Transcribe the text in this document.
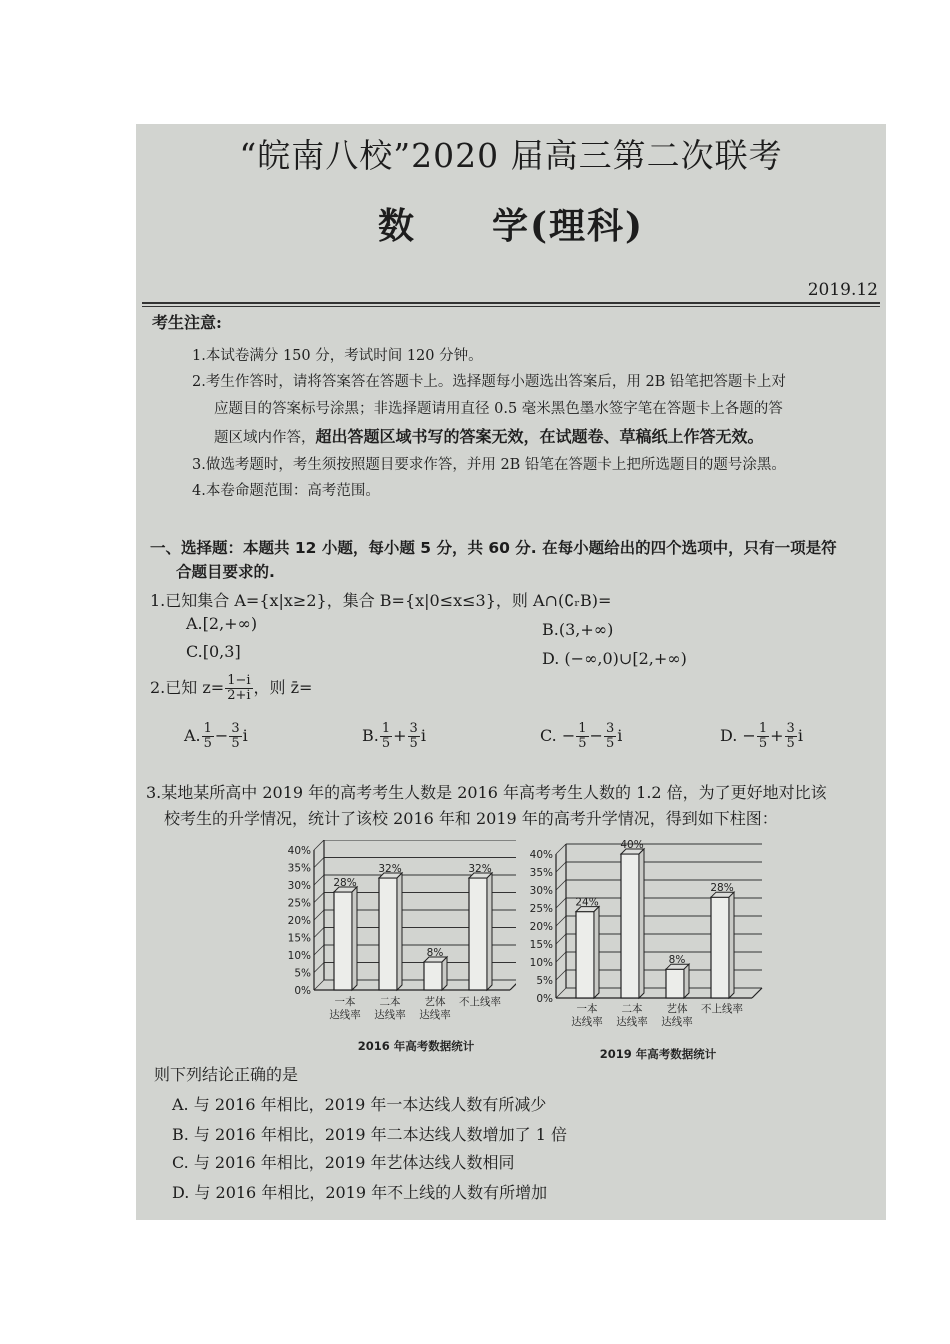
“皖南八校”2020 届高三第二次联考
数　　学(理科)
2019.12
考生注意:
1.本试卷满分 150 分，考试时间 120 分钟。
2.考生作答时，请将答案答在答题卡上。选择题每小题选出答案后，用 2B 铅笔把答题卡上对
应题目的答案标号涂黑；非选择题请用直径 0.5 毫米黑色墨水签字笔在答题卡上各题的答
题区域内作答，超出答题区域书写的答案无效，在试题卷、草稿纸上作答无效。
3.做选考题时，考生须按照题目要求作答，并用 2B 铅笔在答题卡上把所选题目的题号涂黑。
4.本卷命题范围：高考范围。
一、选择题：本题共 12 小题，每小题 5 分，共 60 分. 在每小题给出的四个选项中，只有一项是符
合题目要求的.
1.已知集合 A={x|x≥2}，集合 B={x|0≤x≤3}，则 A∩(∁ᵣB)=
A.[2,+∞)	B.(3,+∞)
C.[0,3]	D. (−∞,0)∪[2,+∞)
2.已知 $z= \frac{1-i}{2+i}$ ，则 z̄=
A. $\frac{1}{5} - \frac{3}{5}$ i	B. $\frac{1}{5} + \frac{3}{5}$ i	C. − $\frac{1}{5} - \frac{3}{5}$ i	D. − $\frac{1}{5} + \frac{3}{5}$ i
3.某地某所高中 2019 年的高考考生人数是 2016 年高考考生人数的 1.2 倍，为了更好地对比该
校考生的升学情况，统计了该校 2016 年和 2019 年的高考升学情况，得到如下柱图：
0%
5%
10%
15%
20%
25%
30%
35%
40%
28%
一本
达线率
32%
二本
达线率
8%
艺体
达线率
32%
不上线率
2016 年高考数据统计
0%
5%
10%
15%
20%
25%
30%
35%
40%
24%
一本
达线率
40%
二本
达线率
8%
艺体
达线率
28%
不上线率
2019 年高考数据统计
则下列结论正确的是
A. 与 2016 年相比，2019 年一本达线人数有所减少
B. 与 2016 年相比，2019 年二本达线人数增加了 1 倍
C. 与 2016 年相比，2019 年艺体达线人数相同
D. 与 2016 年相比，2019 年不上线的人数有所增加
